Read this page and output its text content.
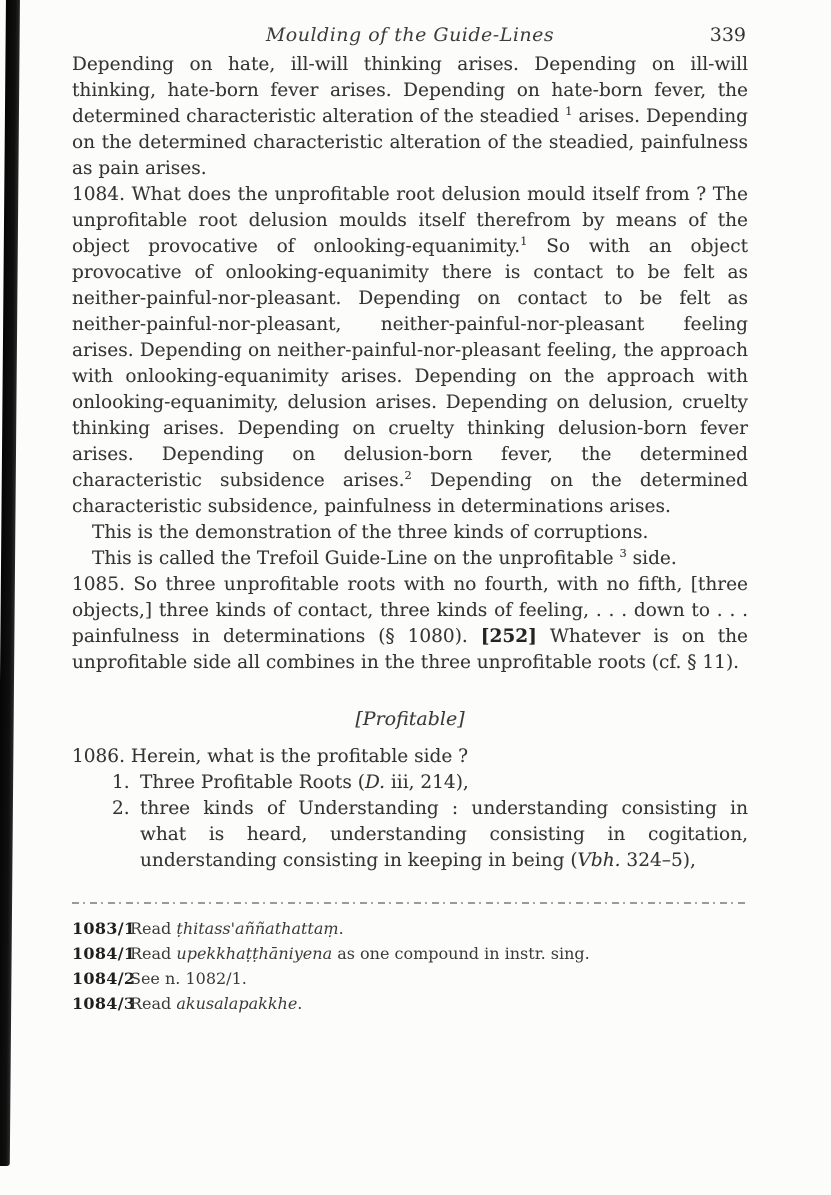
Moulding of the Guide-Lines	339

Depending on hate, ill-will thinking arises. Depending on ill-will thinking, hate-born fever arises. Depending on hate-born fever, the determined characteristic alteration of the steadied $^1$ arises. Depending on the determined characteristic alteration of the steadied, painfulness as pain arises.

1084. What does the unprofitable root delusion mould itself from ? The unprofitable root delusion moulds itself therefrom by means of the object provocative of onlooking-equanimity.$^1$ So with an object provocative of onlooking-equanimity there is contact to be felt as neither-painful-nor-pleasant. Depending on contact to be felt as neither-painful-nor-pleasant, neither-painful-nor-pleasant feeling arises. Depending on neither-painful-nor-pleasant feeling, the approach with onlooking-equanimity arises. Depending on the approach with onlooking-equanimity, delusion arises. Depending on delusion, cruelty thinking arises. Depending on cruelty thinking delusion-born fever arises. Depending on delusion-born fever, the determined characteristic subsidence arises.$^2$ Depending on the determined characteristic subsidence, painfulness in determinations arises.

This is the demonstration of the three kinds of corruptions.

This is called the Trefoil Guide-Line on the unprofitable $^3$ side.

1085. So three unprofitable roots with no fourth, with no fifth, [three objects,] three kinds of contact, three kinds of feeling, . . . down to . . . painfulness in determinations (§ 1080). [252] Whatever is on the unprofitable side all combines in the three unprofitable roots (cf. § 11).

[Profitable]

1086. Herein, what is the profitable side ?

1. Three Profitable Roots (D. iii, 214),
2. three kinds of Understanding : understanding consisting in what is heard, understanding consisting in cogitation, understanding consisting in keeping in being (Vbh. 324–5),
1083/1
Read ṭhitass'aññathattaṃ.
1084/1
Read upekkhaṭṭhāniyena as one compound in instr. sing.
1084/2
See n. 1082/1.
1084/3
Read akusalapakkhe.
